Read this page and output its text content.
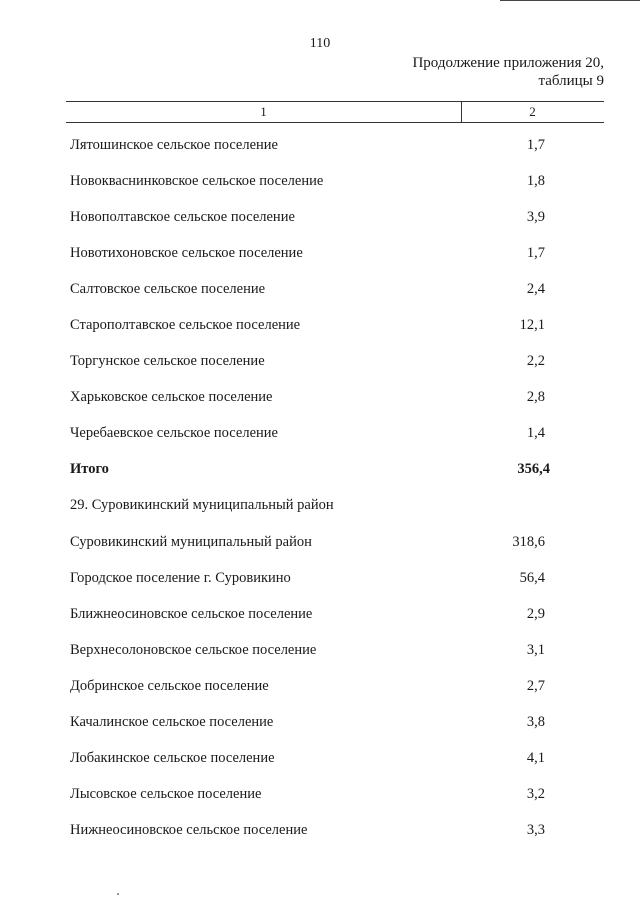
110
Продолжение приложения 20,
таблицы 9
1	2
Лятошинское сельское поселение	1,7
Новокваснинковское сельское поселение	1,8
Новополтавское сельское поселение	3,9
Новотихоновское сельское поселение	1,7
Салтовское сельское поселение	2,4
Старополтавское сельское поселение	12,1
Торгунское сельское поселение	2,2
Харьковское сельское поселение	2,8
Черебаевское сельское поселение	1,4
Итого	356,4
29. Суровикинский муниципальный район
Суровикинский муниципальный район	318,6
Городское поселение г. Суровикино	56,4
Ближнеосиновское сельское поселение	2,9
Верхнесолоновское сельское поселение	3,1
Добринское сельское поселение	2,7
Качалинское сельское поселение	3,8
Лобакинское сельское поселение	4,1
Лысовское сельское поселение	3,2
Нижнеосиновское сельское поселение	3,3
